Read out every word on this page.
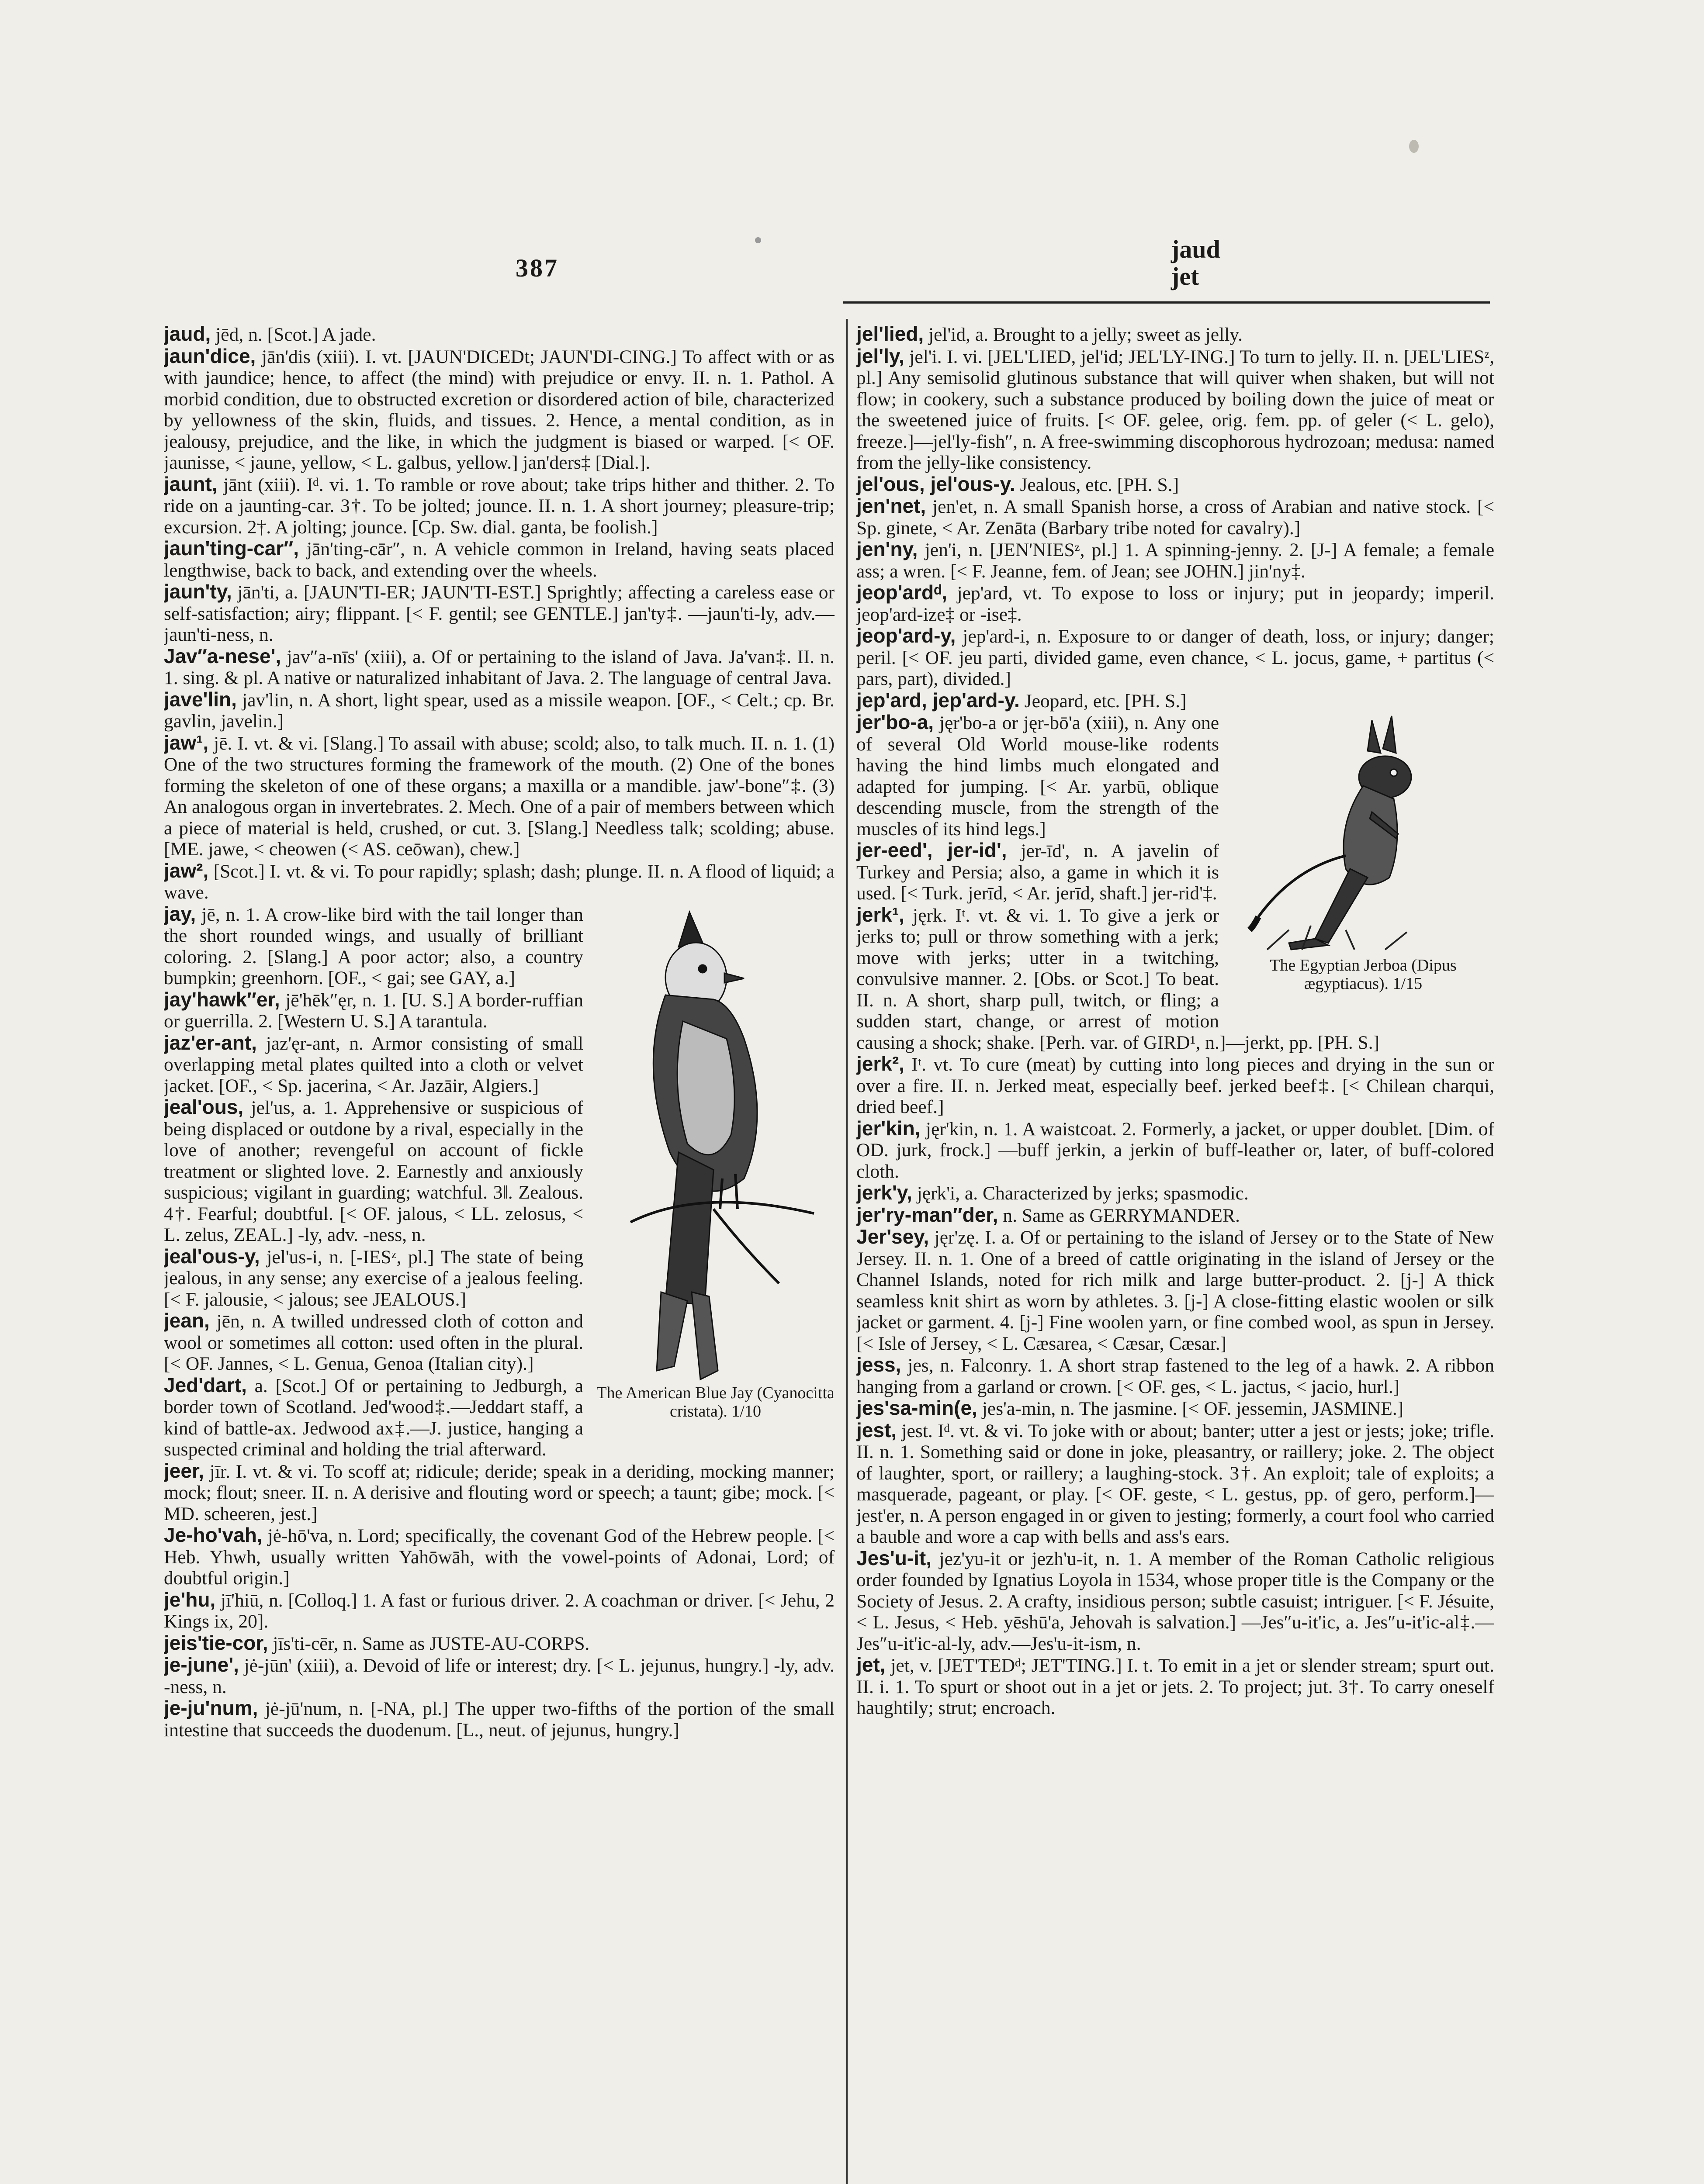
387
jaud
jet

jaud, jēd, n. [Scot.] A jade.

jaun'dice, jān'dis (xiii). I. vt. [JAUN'DICEDt; JAUN'DI-CING.] To affect with or as with jaundice; hence, to affect (the mind) with prejudice or envy. II. n. 1. Pathol. A morbid condition, due to obstructed excretion or disordered action of bile, characterized by yellowness of the skin, fluids, and tissues. 2. Hence, a mental condition, as in jealousy, prejudice, and the like, in which the judgment is biased or warped. [< OF. jaunisse, < jaune, yellow, < L. galbus, yellow.] jan'ders‡ [Dial.].

jaunt, jānt (xiii). Iᵈ. vi. 1. To ramble or rove about; take trips hither and thither. 2. To ride on a jaunting-car. 3†. To be jolted; jounce. II. n. 1. A short journey; pleasure-trip; excursion. 2†. A jolting; jounce. [Cp. Sw. dial. ganta, be foolish.]

jaun'ting-car″, jān'ting-cār″, n. A vehicle common in Ireland, having seats placed lengthwise, back to back, and extending over the wheels.

jaun'ty, jān'ti, a. [JAUN'TI-ER; JAUN'TI-EST.] Sprightly; affecting a careless ease or self-satisfaction; airy; flippant. [< F. gentil; see GENTLE.] jan'ty‡. —jaun'ti-ly, adv.—jaun'ti-ness, n.

Jav″a-nese', jav″a-nīs' (xiii), a. Of or pertaining to the island of Java. Ja'van‡. II. n. 1. sing. & pl. A native or naturalized inhabitant of Java. 2. The language of central Java.

jave'lin, jav'lin, n. A short, light spear, used as a missile weapon. [OF., < Celt.; cp. Br. gavlin, javelin.]

jaw¹, jē. I. vt. & vi. [Slang.] To assail with abuse; scold; also, to talk much. II. n. 1. (1) One of the two structures forming the framework of the mouth. (2) One of the bones forming the skeleton of one of these organs; a maxilla or a mandible. jaw'-bone″‡. (3) An analogous organ in invertebrates. 2. Mech. One of a pair of members between which a piece of material is held, crushed, or cut. 3. [Slang.] Needless talk; scolding; abuse. [ME. jawe, < cheowen (< AS. ceōwan), chew.]

jaw², [Scot.] I. vt. & vi. To pour rapidly; splash; dash; plunge. II. n. A flood of liquid; a wave.

The American Blue Jay (Cyanocitta cristata). 1/10

jay, jē, n. 1. A crow-like bird with the tail longer than the short rounded wings, and usually of brilliant coloring. 2. [Slang.] A poor actor; also, a country bumpkin; greenhorn. [OF., < gai; see GAY, a.]

jay'hawk″er, jē'hēk″ęr, n. 1. [U. S.] A border-ruffian or guerrilla. 2. [Western U. S.] A tarantula.

jaz'er-ant, jaz'ęr-ant, n. Armor consisting of small overlapping metal plates quilted into a cloth or velvet jacket. [OF., < Sp. jacerina, < Ar. Jazāir, Algiers.]

jeal'ous, jel'us, a. 1. Apprehensive or suspicious of being displaced or outdone by a rival, especially in the love of another; revengeful on account of fickle treatment or slighted love. 2. Earnestly and anxiously suspicious; vigilant in guarding; watchful. 3‖. Zealous. 4†. Fearful; doubtful. [< OF. jalous, < LL. zelosus, < L. zelus, ZEAL.] -ly, adv. -ness, n.

jeal'ous-y, jel'us-i, n. [-IESᶻ, pl.] The state of being jealous, in any sense; any exercise of a jealous feeling. [< F. jalousie, < jalous; see JEALOUS.]

jean, jēn, n. A twilled undressed cloth of cotton and wool or sometimes all cotton: used often in the plural. [< OF. Jannes, < L. Genua, Genoa (Italian city).]

Jed'dart, a. [Scot.] Of or pertaining to Jedburgh, a border town of Scotland. Jed'wood‡.—Jeddart staff, a kind of battle-ax. Jedwood ax‡.—J. justice, hanging a suspected criminal and holding the trial afterward.

jeer, jīr. I. vt. & vi. To scoff at; ridicule; deride; speak in a deriding, mocking manner; mock; flout; sneer. II. n. A derisive and flouting word or speech; a taunt; gibe; mock. [< MD. scheeren, jest.]

Je-ho'vah, jė-hō'va, n. Lord; specifically, the covenant God of the Hebrew people. [< Heb. Yhwh, usually written Yahōwāh, with the vowel-points of Adonai, Lord; of doubtful origin.]

je'hu, jī'hiū, n. [Colloq.] 1. A fast or furious driver. 2. A coachman or driver. [< Jehu, 2 Kings ix, 20].

jeis'tie-cor, jīs'ti-cēr, n. Same as JUSTE-AU-CORPS.

je-june', jė-jūn' (xiii), a. Devoid of life or interest; dry. [< L. jejunus, hungry.] -ly, adv. -ness, n.

je-ju'num, jė-jū'num, n. [-NA, pl.] The upper two-fifths of the portion of the small intestine that succeeds the duodenum. [L., neut. of jejunus, hungry.]

jel'lied, jel'id, a. Brought to a jelly; sweet as jelly.

jel'ly, jel'i. I. vi. [JEL'LIED, jel'id; JEL'LY-ING.] To turn to jelly. II. n. [JEL'LIESᶻ, pl.] Any semisolid glutinous substance that will quiver when shaken, but will not flow; in cookery, such a substance produced by boiling down the juice of meat or the sweetened juice of fruits. [< OF. gelee, orig. fem. pp. of geler (< L. gelo), freeze.]—jel'ly-fish″, n. A free-swimming discophorous hydrozoan; medusa: named from the jelly-like consistency.

jel'ous, jel'ous-y. Jealous, etc. [PH. S.]

jen'net, jen'et, n. A small Spanish horse, a cross of Arabian and native stock. [< Sp. ginete, < Ar. Zenāta (Barbary tribe noted for cavalry).]

jen'ny, jen'i, n. [JEN'NIESᶻ, pl.] 1. A spinning-jenny. 2. [J-] A female; a female ass; a wren. [< F. Jeanne, fem. of Jean; see JOHN.] jin'ny‡.

jeop'ardᵈ, jep'ard, vt. To expose to loss or injury; put in jeopardy; imperil. jeop'ard-ize‡ or -ise‡.

jeop'ard-y, jep'ard-i, n. Exposure to or danger of death, loss, or injury; danger; peril. [< OF. jeu parti, divided game, even chance, < L. jocus, game, + partitus (< pars, part), divided.]

jep'ard, jep'ard-y. Jeopard, etc. [PH. S.]

The Egyptian Jerboa (Dipus ægyptiacus). 1/15

jer'bo-a, jęr'bo-a or jęr-bō'a (xiii), n. Any one of several Old World mouse-like rodents having the hind limbs much elongated and adapted for jumping. [< Ar. yarbū, oblique descending muscle, from the strength of the muscles of its hind legs.]

jer-eed', jer-id', jer-īd', n. A javelin of Turkey and Persia; also, a game in which it is used. [< Turk. jerīd, < Ar. jerīd, shaft.] jer-rid'‡.

jerk¹, jęrk. Iᵗ. vt. & vi. 1. To give a jerk or jerks to; pull or throw something with a jerk; move with jerks; utter in a twitching, convulsive manner. 2. [Obs. or Scot.] To beat. II. n. A short, sharp pull, twitch, or fling; a sudden start, change, or arrest of motion causing a shock; shake. [Perh. var. of GIRD¹, n.]—jerkt, pp. [PH. S.]

jerk², Iᵗ. vt. To cure (meat) by cutting into long pieces and drying in the sun or over a fire. II. n. Jerked meat, especially beef. jerked beef‡. [< Chilean charqui, dried beef.]

jer'kin, jęr'kin, n. 1. A waistcoat. 2. Formerly, a jacket, or upper doublet. [Dim. of OD. jurk, frock.] —buff jerkin, a jerkin of buff-leather or, later, of buff-colored cloth.

jerk'y, jęrk'i, a. Characterized by jerks; spasmodic.

jer'ry-man″der, n. Same as GERRYMANDER.

Jer'sey, jęr'zę. I. a. Of or pertaining to the island of Jersey or to the State of New Jersey. II. n. 1. One of a breed of cattle originating in the island of Jersey or the Channel Islands, noted for rich milk and large butter-product. 2. [j-] A thick seamless knit shirt as worn by athletes. 3. [j-] A close-fitting elastic woolen or silk jacket or garment. 4. [j-] Fine woolen yarn, or fine combed wool, as spun in Jersey. [< Isle of Jersey, < L. Cæsarea, < Cæsar, Cæsar.]

jess, jes, n. Falconry. 1. A short strap fastened to the leg of a hawk. 2. A ribbon hanging from a garland or crown. [< OF. ges, < L. jactus, < jacio, hurl.]

jes'sa-min(e, jes'a-min, n. The jasmine. [< OF. jessemin, JASMINE.]

jest, jest. Iᵈ. vt. & vi. To joke with or about; banter; utter a jest or jests; joke; trifle. II. n. 1. Something said or done in joke, pleasantry, or raillery; joke. 2. The object of laughter, sport, or raillery; a laughing-stock. 3†. An exploit; tale of exploits; a masquerade, pageant, or play. [< OF. geste, < L. gestus, pp. of gero, perform.]—jest'er, n. A person engaged in or given to jesting; formerly, a court fool who carried a bauble and wore a cap with bells and ass's ears.

Jes'u-it, jez'yu-it or jezh'u-it, n. 1. A member of the Roman Catholic religious order founded by Ignatius Loyola in 1534, whose proper title is the Company or the Society of Jesus. 2. A crafty, insidious person; subtle casuist; intriguer. [< F. Jésuite, < L. Jesus, < Heb. yēshū'a, Jehovah is salvation.] —Jes″u-it'ic, a. Jes″u-it'ic-al‡.—Jes″u-it'ic-al-ly, adv.—Jes'u-it-ism, n.

jet, jet, v. [JET'TEDᵈ; JET'TING.] I. t. To emit in a jet or slender stream; spurt out. II. i. 1. To spurt or shoot out in a jet or jets. 2. To project; jut. 3†. To carry oneself haughtily; strut; encroach.
